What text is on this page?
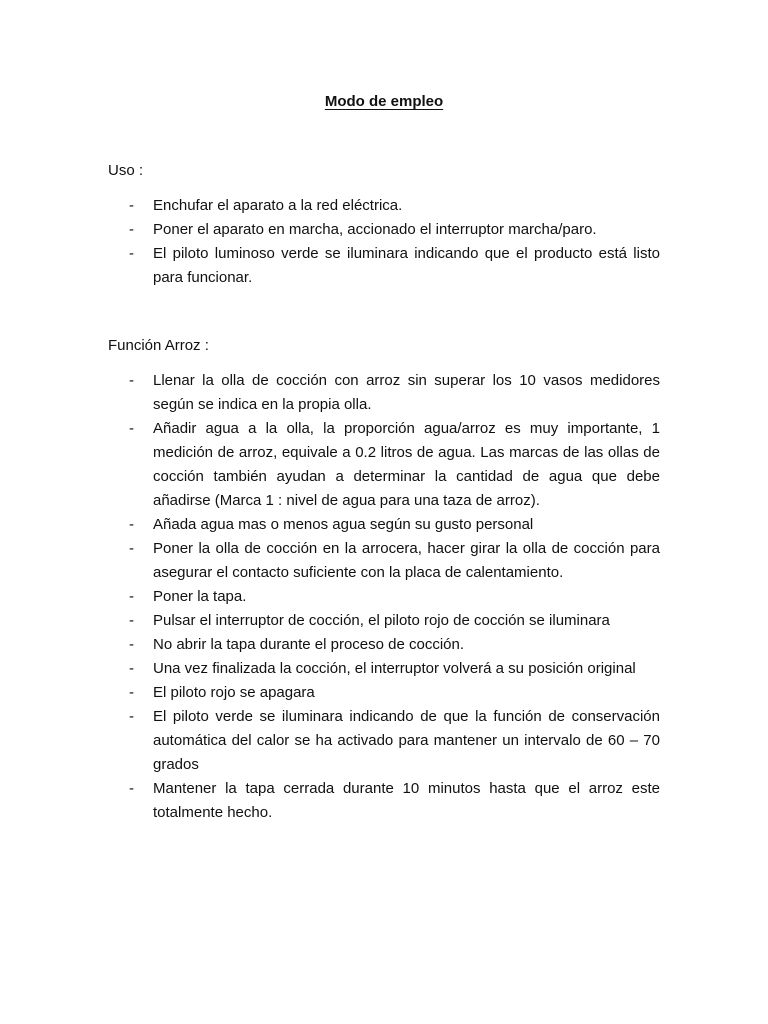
Modo de empleo
Uso :
- Enchufar el aparato a la red eléctrica.
- Poner el aparato en marcha, accionado el interruptor marcha/paro.
- El piloto luminoso verde se iluminara indicando que el producto está listo para funcionar.
Función Arroz :
- Llenar la olla de cocción con arroz sin superar los 10 vasos medidores según se indica en la propia olla.
- Añadir agua a la olla, la proporción agua/arroz es muy importante, 1 medición de arroz, equivale a 0.2 litros de agua. Las marcas de las ollas de cocción también ayudan a determinar la cantidad de agua que debe añadirse (Marca 1 : nivel de agua para una taza de arroz).
- Añada agua mas o menos agua según su gusto personal
- Poner la olla de cocción en la arrocera, hacer girar la olla de cocción para asegurar el contacto suficiente con la placa de calentamiento.
- Poner la tapa.
- Pulsar el interruptor de cocción, el piloto rojo de cocción se iluminara
- No abrir la tapa durante el proceso de cocción.
- Una vez finalizada la cocción, el interruptor volverá a su posición original
- El piloto rojo se apagara
- El piloto verde se iluminara indicando de que la función de conservación automática del calor se ha activado para mantener un intervalo de 60 – 70 grados
- Mantener la tapa cerrada durante 10 minutos hasta que el arroz este totalmente hecho.
